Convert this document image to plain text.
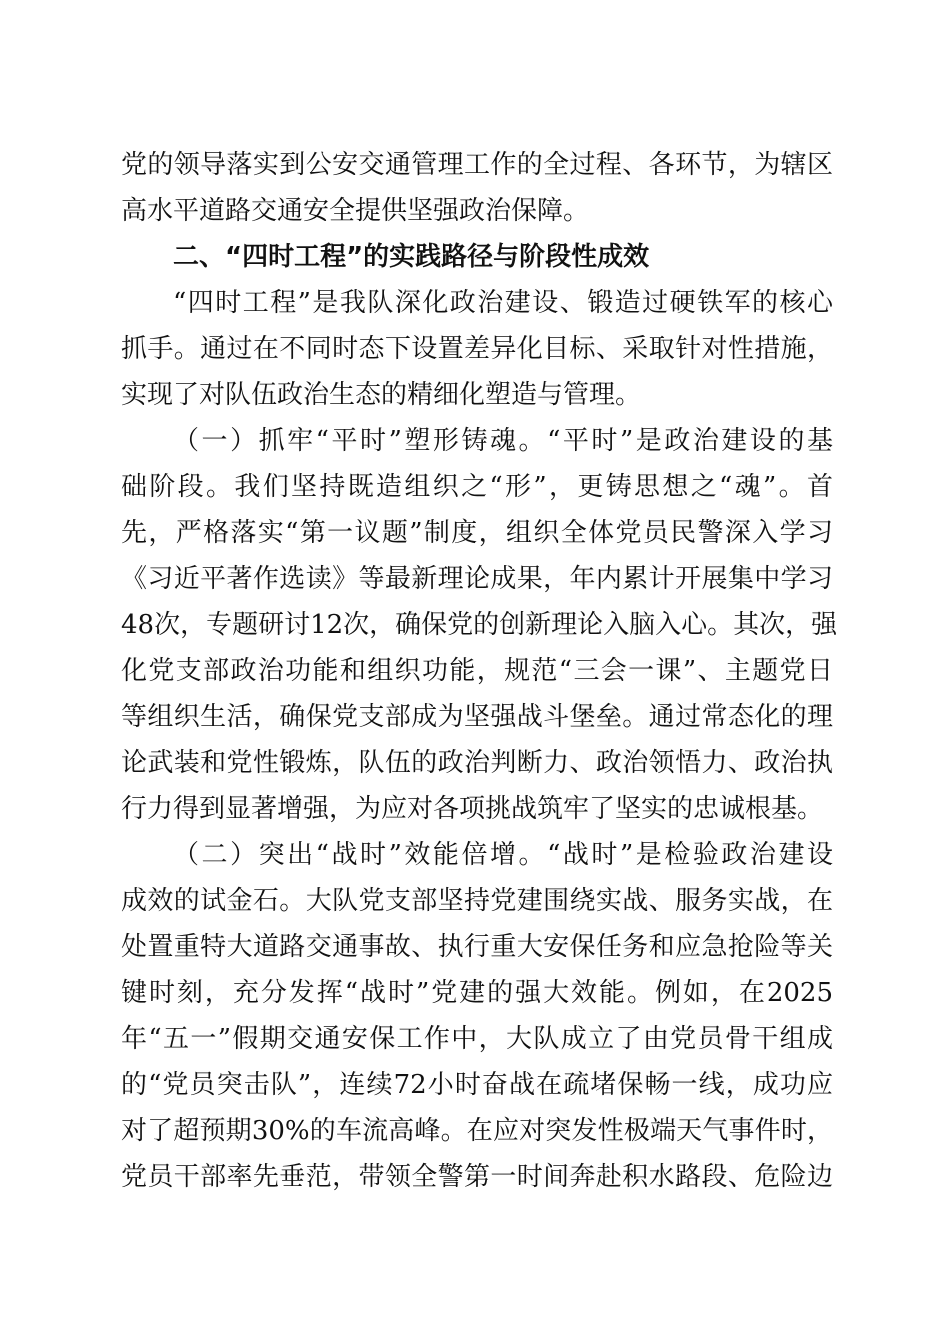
党的领导落实到公安交通管理工作的全过程、各环节，为辖区
高水平道路交通安全提供坚强政治保障。
二、“四时工程”的实践路径与阶段性成效
“四时工程”是我队深化政治建设、锻造过硬铁军的核心
抓手。通过在不同时态下设置差异化目标、采取针对性措施，
实现了对队伍政治生态的精细化塑造与管理。
（一）抓牢“平时”塑形铸魂。“平时”是政治建设的基
础阶段。我们坚持既造组织之“形”，更铸思想之“魂”。首
先，严格落实“第一议题”制度，组织全体党员民警深入学习
《习近平著作选读》等最新理论成果，年内累计开展集中学习
48次，专题研讨12次，确保党的创新理论入脑入心。其次，强
化党支部政治功能和组织功能，规范“三会一课”、主题党日
等组织生活，确保党支部成为坚强战斗堡垒。通过常态化的理
论武装和党性锻炼，队伍的政治判断力、政治领悟力、政治执
行力得到显著增强，为应对各项挑战筑牢了坚实的忠诚根基。
（二）突出“战时”效能倍增。“战时”是检验政治建设
成效的试金石。大队党支部坚持党建围绕实战、服务实战，在
处置重特大道路交通事故、执行重大安保任务和应急抢险等关
键时刻，充分发挥“战时”党建的强大效能。例如，在2025
年“五一”假期交通安保工作中，大队成立了由党员骨干组成
的“党员突击队”，连续72小时奋战在疏堵保畅一线，成功应
对了超预期30%的车流高峰。在应对突发性极端天气事件时，
党员干部率先垂范，带领全警第一时间奔赴积水路段、危险边
